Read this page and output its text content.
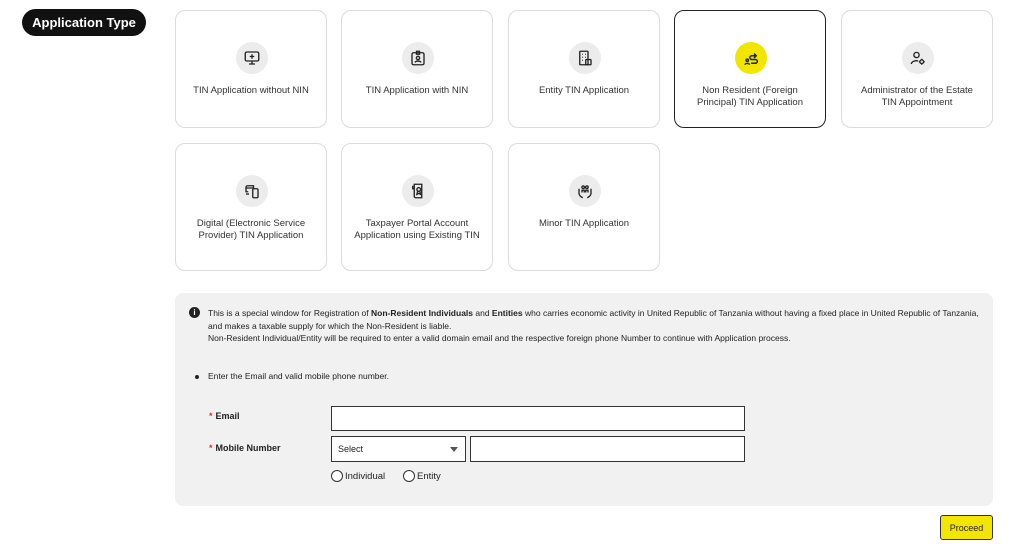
Application Type
TIN Application without NIN	TIN Application with NIN	Entity TIN Application	Non Resident (Foreign Principal) TIN Application
Administrator of the Estate TIN Appointment
Digital (Electronic Service Provider) TIN Application
Taxpayer Portal Account Application using Existing TIN
Minor TIN Application
i	This is a special window for Registration of Non-Resident Individuals and Entities who carries economic activity in United Republic of Tanzania without having a fixed place in United Republic of Tanzania, and makes a taxable supply for which the Non-Resident is liable.
Non-Resident Individual/Entity will be required to enter a valid domain email and the respective foreign phone Number to continue with Application process.
Enter the Email and valid mobile phone number.
* Email
* Mobile Number	Select
Individual	Entity
Proceed
